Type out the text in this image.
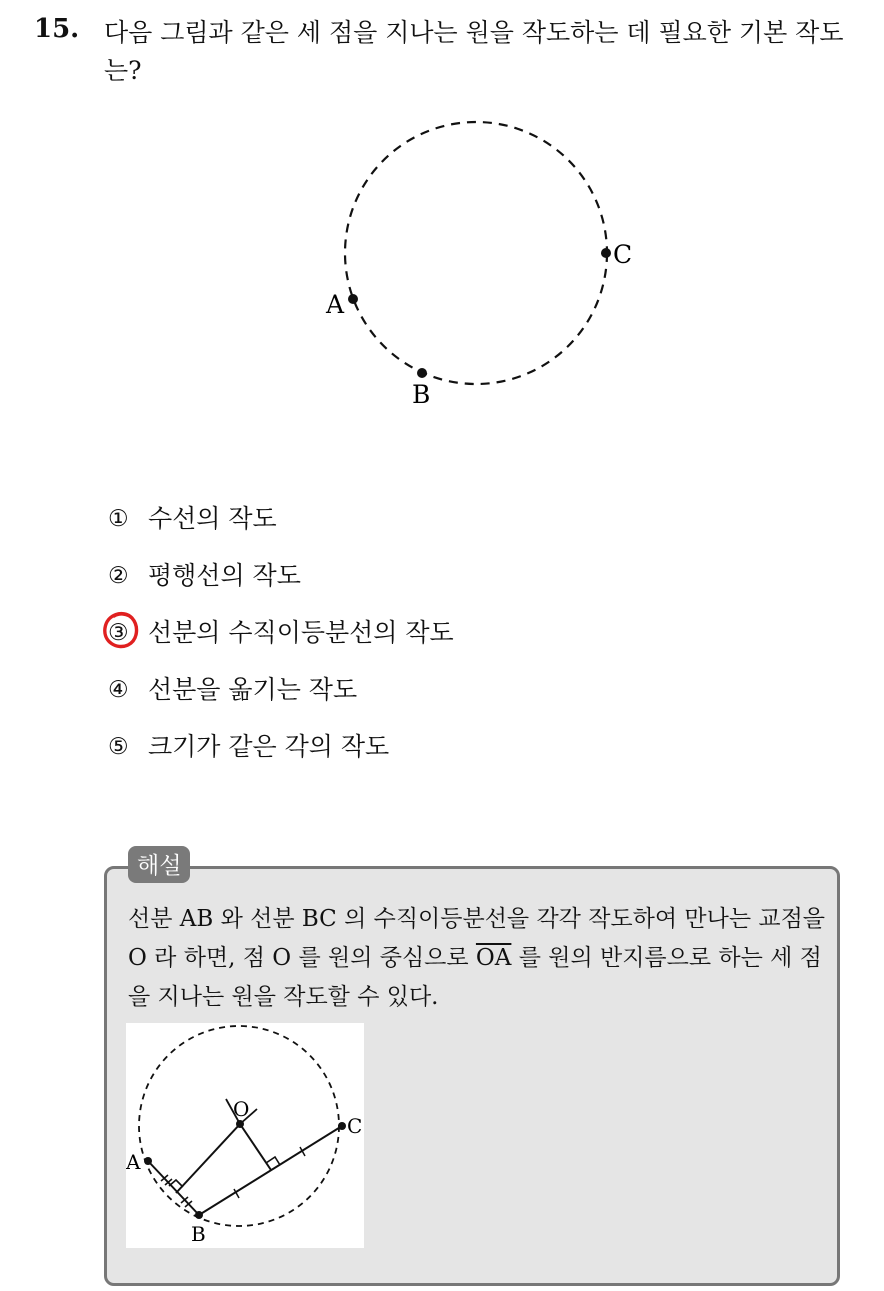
15. 다음 그림과 같은 세 점을 지나는 원을 작도하는 데 필요한 기본 작도는?
A
B
C
① 수선의 작도
② 평행선의 작도
③ 선분의 수직이등분선의 작도
④ 선분을 옮기는 작도
⑤ 크기가 같은 각의 작도
해설
선분 AB 와 선분 BC 의 수직이등분선을 각각 작도하여 만나는 교점을 O 라 하면, 점 O 를 원의 중심으로 $\overline{OA}$ 를 원의 반지름으로 하는 세 점을 지나는 원을 작도할 수 있다.
A
B
C
O
